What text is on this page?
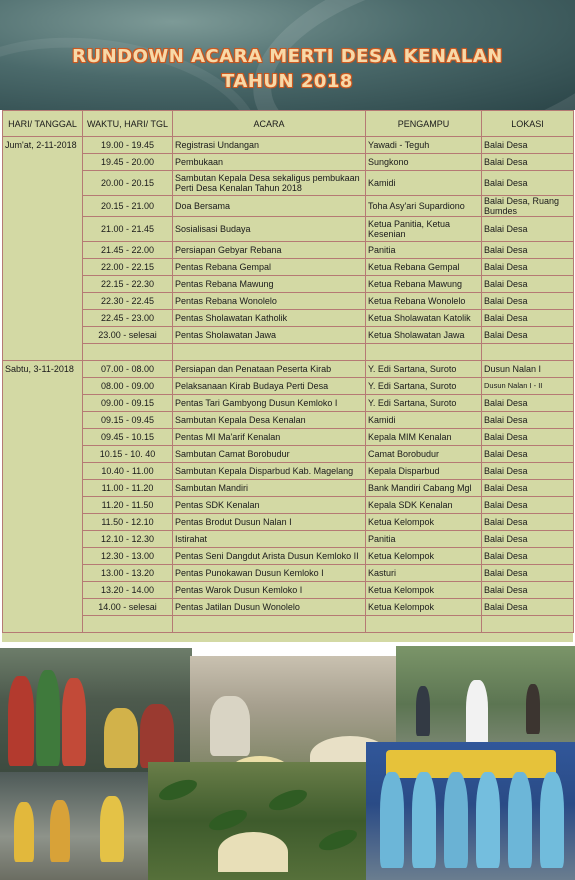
RUNDOWN ACARA MERTI DESA KENALAN
TAHUN 2018
HARI/ TANGGAL	WAKTU, HARI/ TGL	ACARA	PENGAMPU	LOKASI
Jum'at, 2-11-2018	19.00 - 19.45	Registrasi Undangan	Yawadi - Teguh	Balai Desa
	19.45 - 20.00	Pembukaan	Sungkono	Balai Desa
	20.00 - 20.15	Sambutan Kepala Desa sekaligus pembukaan Perti Desa Kenalan Tahun 2018	Kamidi	Balai Desa
	20.15 - 21.00	Doa Bersama	Toha Asy'ari Supardiono	Balai Desa, Ruang Bumdes
	21.00 - 21.45	Sosialisasi Budaya	Ketua Panitia, Ketua Kesenian	Balai Desa
	21.45 - 22.00	Persiapan Gebyar Rebana	Panitia	Balai Desa
	22.00 - 22.15	Pentas Rebana Gempal	Ketua Rebana Gempal	Balai Desa
	22.15 - 22.30	Pentas Rebana Mawung	Ketua Rebana Mawung	Balai Desa
	22.30 - 22.45	Pentas Rebana Wonolelo	Ketua Rebana Wonolelo	Balai Desa
	22.45 - 23.00	Pentas Sholawatan Katholik	Ketua Sholawatan Katolik	Balai Desa
	23.00 - selesai	Pentas Sholawatan Jawa	Ketua Sholawatan Jawa	Balai Desa

Sabtu, 3-11-2018	07.00 - 08.00	Persiapan dan Penataan Peserta Kirab	Y. Edi Sartana, Suroto	Dusun Nalan I
	08.00 - 09.00	Pelaksanaan Kirab Budaya Perti Desa	Y. Edi Sartana, Suroto	Dusun Nalan I - II
	09.00 - 09.15	Pentas Tari Gambyong Dusun Kemloko I	Y. Edi Sartana, Suroto	Balai Desa
	09.15 - 09.45	Sambutan Kepala Desa Kenalan	Kamidi	Balai Desa
	09.45 - 10.15	Pentas MI Ma'arif Kenalan	Kepala MIM Kenalan	Balai Desa
	10.15 - 10. 40	Sambutan Camat Borobudur	Camat Borobudur	Balai Desa
	10.40 - 11.00	Sambutan Kepala Disparbud Kab. Magelang	Kepala Disparbud	Balai Desa
	11.00 - 11.20	Sambutan Mandiri	Bank Mandiri Cabang Mgl	Balai Desa
	11.20 - 11.50	Pentas SDK Kenalan	Kepala SDK Kenalan	Balai Desa
	11.50 - 12.10	Pentas Brodut Dusun Nalan I	Ketua Kelompok	Balai Desa
	12.10 - 12.30	Istirahat	Panitia	Balai Desa
	12.30 - 13.00	Pentas Seni Dangdut Arista Dusun Kemloko II	Ketua Kelompok	Balai Desa
	13.00 - 13.20	Pentas Punokawan Dusun Kemloko I	Kasturi	Balai Desa
	13.20 - 14.00	Pentas Warok Dusun Kemloko I	Ketua Kelompok	Balai Desa
	14.00 - selesai	Pentas Jatilan Dusun Wonolelo	Ketua Kelompok	Balai Desa
